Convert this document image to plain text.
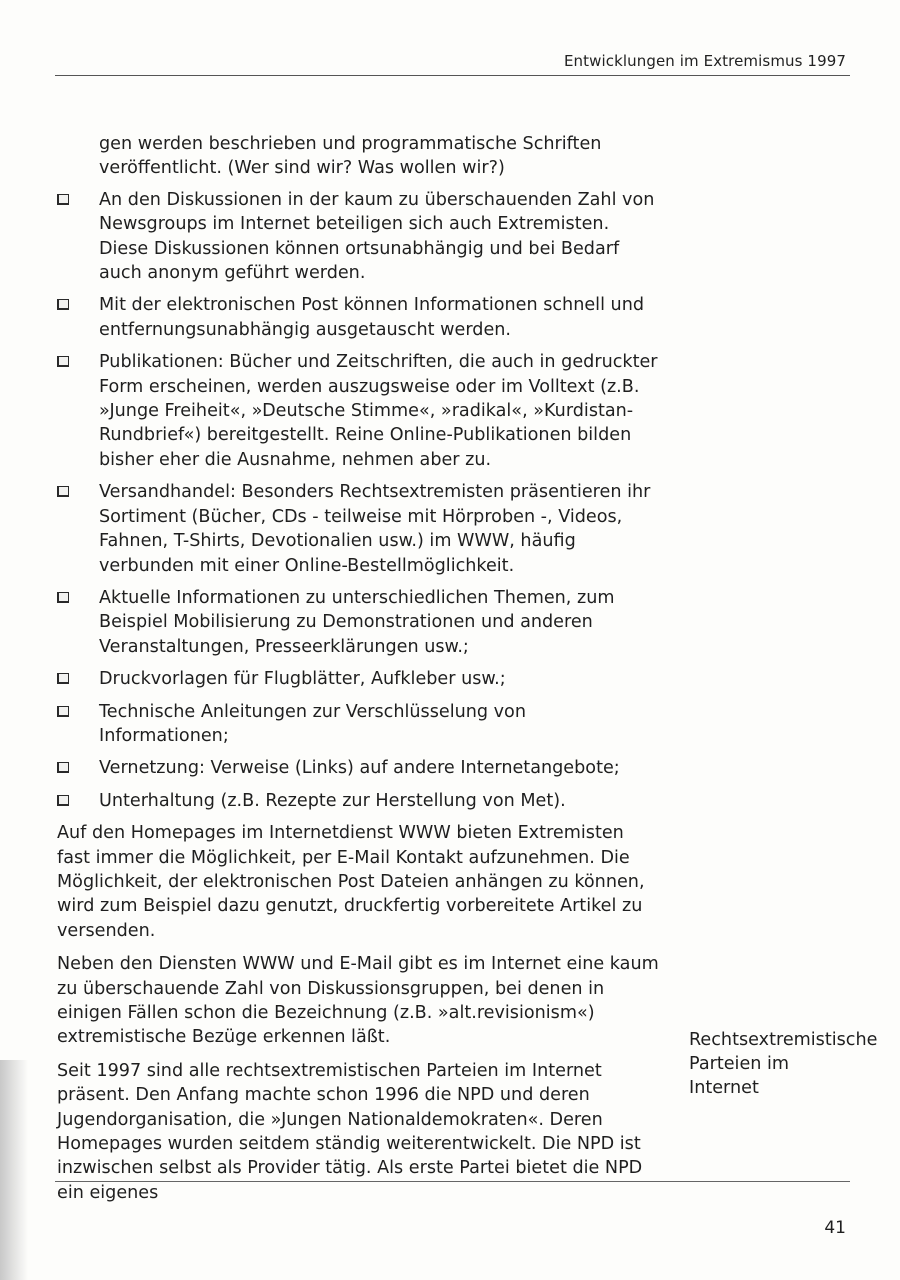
Entwicklungen im Extremismus 1997

gen werden beschrieben und programmatische Schriften veröffentlicht. (Wer sind wir? Was wollen wir?)

An den Diskussionen in der kaum zu überschauenden Zahl von Newsgroups im Internet beteiligen sich auch Extremisten. Diese Diskussionen können ortsunabhängig und bei Bedarf auch anonym geführt werden.
Mit der elektronischen Post können Informationen schnell und entfernungsunabhängig ausgetauscht werden.
Publikationen: Bücher und Zeitschriften, die auch in gedruckter Form erscheinen, werden auszugsweise oder im Volltext (z.B. »Junge Freiheit«, »Deutsche Stimme«, »radikal«, »Kurdistan-Rundbrief«) bereitgestellt. Reine Online-Publikationen bilden bisher eher die Ausnahme, nehmen aber zu.
Versandhandel: Besonders Rechtsextremisten präsentieren ihr Sortiment (Bücher, CDs - teilweise mit Hörproben -, Videos, Fahnen, T-Shirts, Devotionalien usw.) im WWW, häufig verbunden mit einer Online-Bestellmöglichkeit.
Aktuelle Informationen zu unterschiedlichen Themen, zum Beispiel Mobilisierung zu Demonstrationen und anderen Veranstaltungen, Presseerklärungen usw.;
Druckvorlagen für Flugblätter, Aufkleber usw.;
Technische Anleitungen zur Verschlüsselung von Informationen;
Vernetzung: Verweise (Links) auf andere Internetangebote;
Unterhaltung (z.B. Rezepte zur Herstellung von Met).

Auf den Homepages im Internetdienst WWW bieten Extremisten fast immer die Möglichkeit, per E-Mail Kontakt aufzunehmen. Die Möglichkeit, der elektronischen Post Dateien anhängen zu können, wird zum Beispiel dazu genutzt, druckfertig vorbereitete Artikel zu versenden.

Neben den Diensten WWW und E-Mail gibt es im Internet eine kaum zu überschauende Zahl von Diskussionsgruppen, bei denen in einigen Fällen schon die Bezeichnung (z.B. »alt.revisionism«) extremistische Bezüge erkennen läßt.

Seit 1997 sind alle rechtsextremistischen Parteien im Internet präsent. Den Anfang machte schon 1996 die NPD und deren Jugendorganisation, die »Jungen Nationaldemokraten«. Deren Homepages wurden seitdem ständig weiterentwickelt. Die NPD ist inzwischen selbst als Provider tätig. Als erste Partei bietet die NPD ein eigenes

Rechtsextremistische Parteien im Internet
41
